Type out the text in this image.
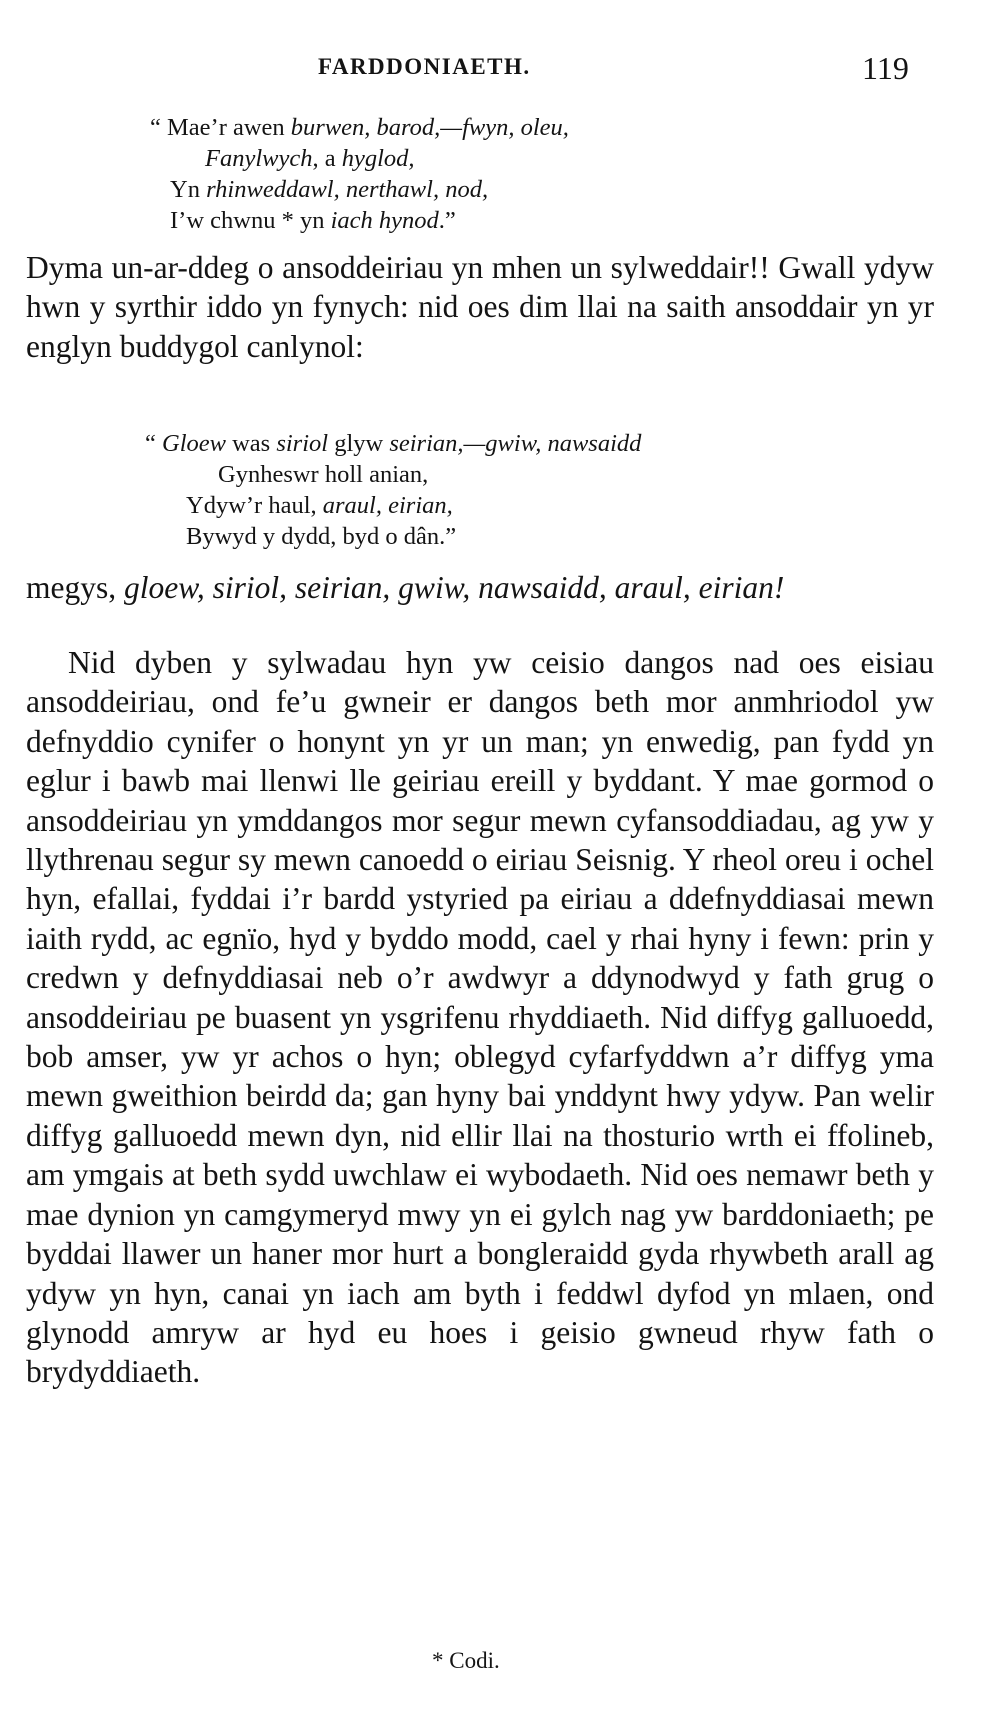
FARDDONIAETH.	119
“ Mae’r awen burwen, barod,—fwyn, oleu,
Fanylwych, a hyglod,
Yn rhinweddawl, nerthawl, nod,
I’w chwnu * yn iach hynod.”

Dyma un-ar-ddeg o ansoddeiriau yn mhen un sylweddair!! Gwall ydyw hwn y syrthir iddo yn fynych: nid oes dim llai na saith ansoddair yn yr englyn buddygol canlynol:

“ Gloew was siriol glyw seirian,—gwiw, nawsaidd
Gynheswr holl anian,
Ydyw’r haul, araul, eirian,
Bywyd y dydd, byd o dân.”

megys, gloew, siriol, seirian, gwiw, nawsaidd, araul, eirian!

Nid dyben y sylwadau hyn yw ceisio dangos nad oes eisiau ansoddeiriau, ond fe’u gwneir er dangos beth mor anmhriodol yw defnyddio cynifer o honynt yn yr un man; yn enwedig, pan fydd yn eglur i bawb mai llenwi lle geiriau ereill y byddant. Y mae gormod o ansoddeiriau yn ymddangos mor segur mewn cyfansoddiadau, ag yw y llythrenau segur sy mewn canoedd o eiriau Seisnig. Y rheol oreu i ochel hyn, efallai, fyddai i’r bardd ystyried pa eiriau a ddefnyddiasai mewn iaith rydd, ac egnïo, hyd y byddo modd, cael y rhai hyny i fewn: prin y credwn y defnyddiasai neb o’r awdwyr a ddynodwyd y fath grug o ansoddeiriau pe buasent yn ysgrifenu rhyddiaeth. Nid diffyg galluoedd, bob amser, yw yr achos o hyn; oblegyd cyfarfyddwn a’r diffyg yma mewn gweithion beirdd da; gan hyny bai ynddynt hwy ydyw. Pan welir diffyg galluoedd mewn dyn, nid ellir llai na thosturio wrth ei ffolineb, am ymgais at beth sydd uwchlaw ei wybodaeth. Nid oes nemawr beth y mae dynion yn camgymeryd mwy yn ei gylch nag yw barddoniaeth; pe byddai llawer un haner mor hurt a bongleraidd gyda rhywbeth arall ag ydyw yn hyn, canai yn iach am byth i feddwl dyfod yn mlaen, ond glynodd amryw ar hyd eu hoes i geisio gwneud rhyw fath o brydyddiaeth.

* Codi.
